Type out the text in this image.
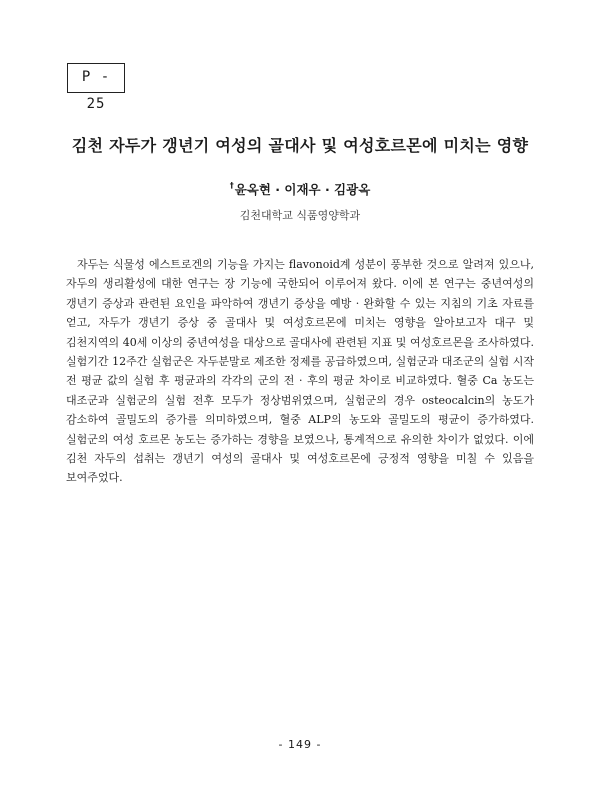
P - 25
김천 자두가 갱년기 여성의 골대사 및 여성호르몬에 미치는 영향
†윤옥현 · 이재우 · 김광옥
김천대학교 식품영양학과

자두는 식물성 에스트로겐의 기능을 가지는 flavonoid계 성분이 풍부한 것으로 알려져 있으나, 자두의 생리활성에 대한 연구는 장 기능에 국한되어 이루어져 왔다. 이에 본 연구는 중년여성의 갱년기 증상과 관련된 요인을 파악하여 갱년기 증상을 예방 · 완화할 수 있는 지침의 기초 자료를 얻고, 자두가 갱년기 증상 중 골대사 및 여성호르몬에 미치는 영향을 알아보고자 대구 및 김천지역의 40세 이상의 중년여성을 대상으로 골대사에 관련된 지표 및 여성호르몬을 조사하였다. 실험기간 12주간 실험군은 자두분말로 제조한 정제를 공급하였으며, 실험군과 대조군의 실험 시작 전 평균 값의 실험 후 평균과의 각각의 군의 전 · 후의 평균 차이로 비교하였다. 혈중 Ca 농도는 대조군과 실험군의 실험 전후 모두가 정상범위였으며, 실험군의 경우 osteocalcin의 농도가 감소하여 골밀도의 증가를 의미하였으며, 혈중 ALP의 농도와 골밀도의 평균이 증가하였다. 실험군의 여성 호르몬 농도는 증가하는 경향을 보였으나, 통계적으로 유의한 차이가 없었다. 이에 김천 자두의 섭취는 갱년기 여성의 골대사 및 여성호르몬에 긍정적 영향을 미칠 수 있음을 보여주었다.

- 149 -
